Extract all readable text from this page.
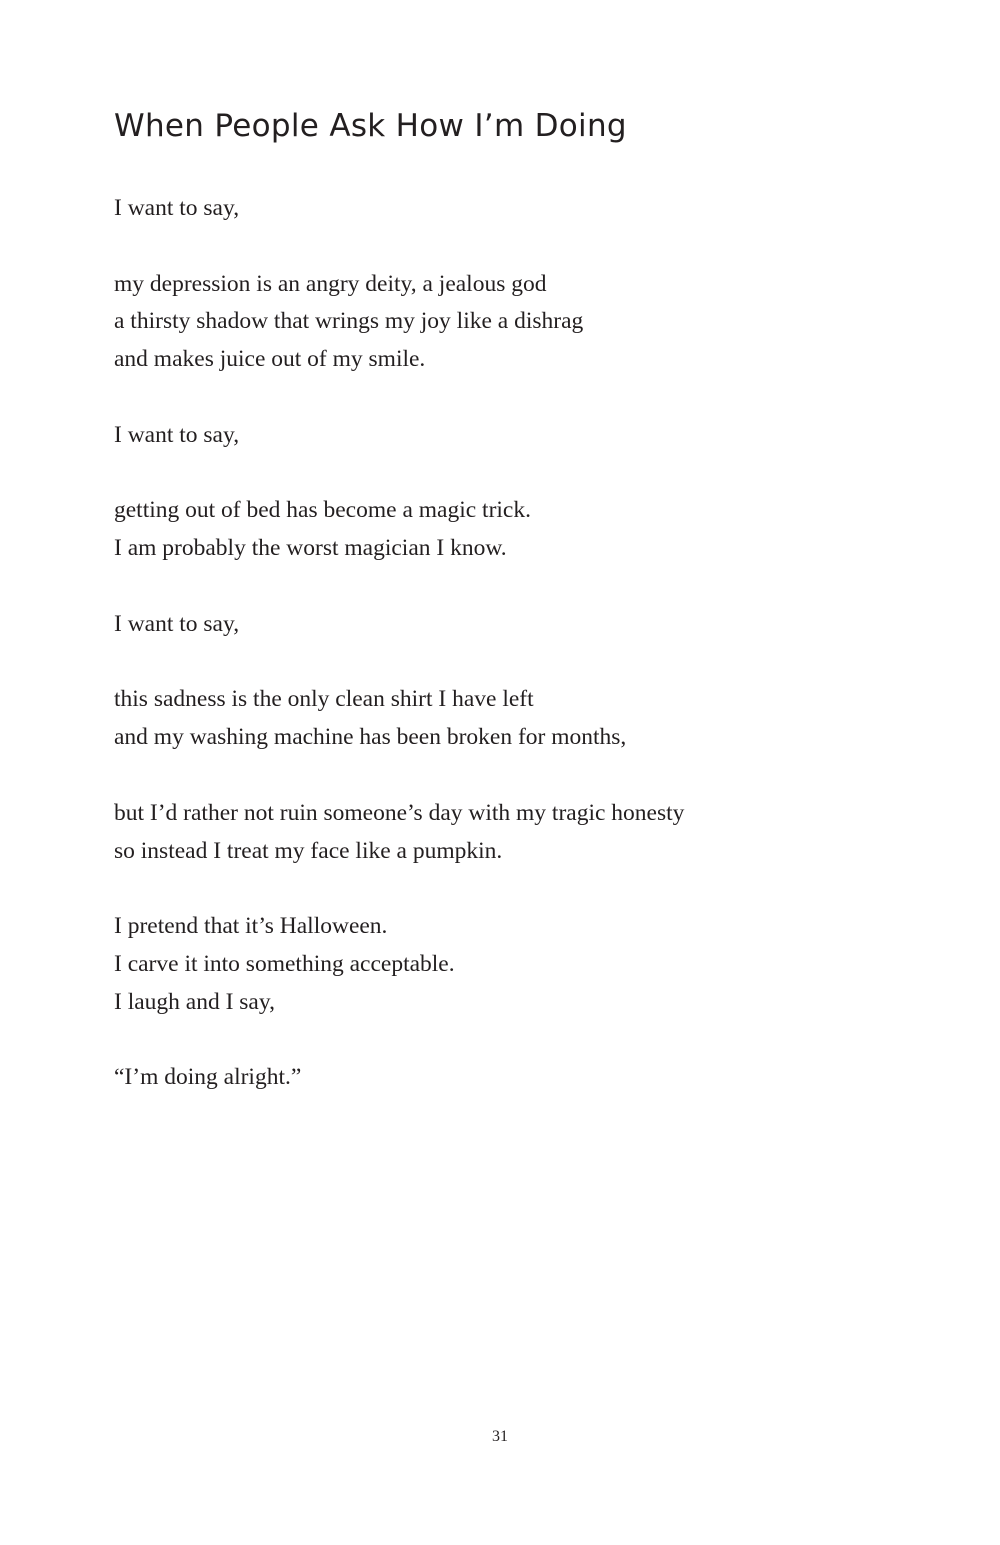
When People Ask How I’m Doing
I want to say,
my depression is an angry deity, a jealous god
a thirsty shadow that wrings my joy like a dishrag
and makes juice out of my smile.
I want to say,
getting out of bed has become a magic trick.
I am probably the worst magician I know.
I want to say,
this sadness is the only clean shirt I have left
and my washing machine has been broken for months,
but I’d rather not ruin someone’s day with my tragic honesty
so instead I treat my face like a pumpkin.
I pretend that it’s Halloween.
I carve it into something acceptable.
I laugh and I say,
“I’m doing alright.”
31
